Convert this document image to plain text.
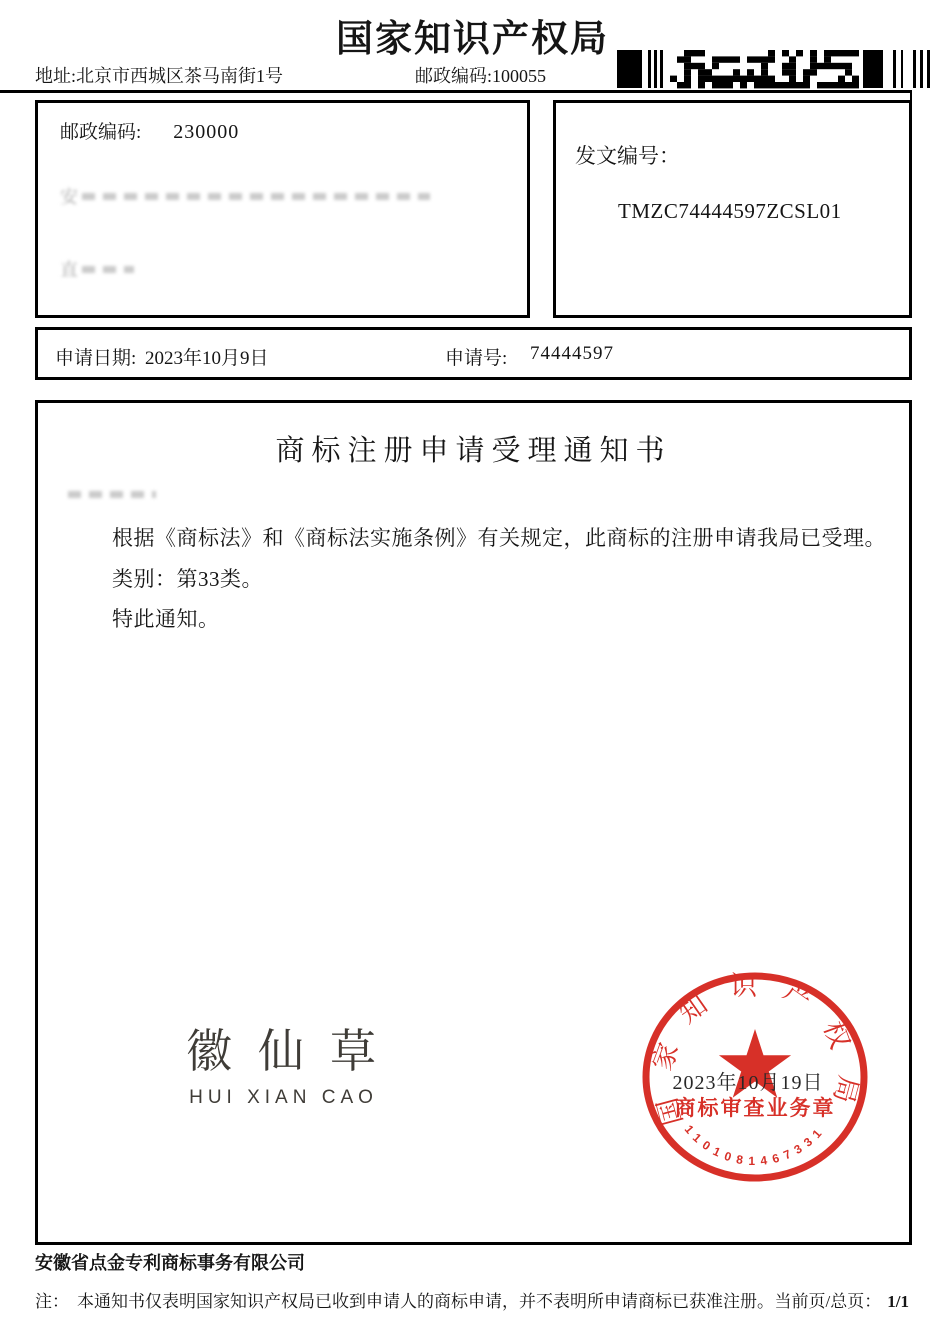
国家知识产权局
地址:北京市西城区茶马南街1号	邮政编码:100055
邮政编码: 230000
安
直
发文编号：
TMZC74444597ZCSL01
申请日期: 2023年10月9日	申请号: 74444597
商标注册申请受理通知书
根据《商标法》和《商标法实施条例》有关规定，此商标的注册申请我局已受理。
类别：第33类。
特此通知。
徽仙草
HUI XIAN CAO	国家知识产权局
商标审查业务章
1101081467331
2023年10月19日
安徽省点金专利商标事务有限公司
注： 本通知书仅表明国家知识产权局已收到申请人的商标申请，并不表明所申请商标已获准注册。 当前页/总页： 1/1
